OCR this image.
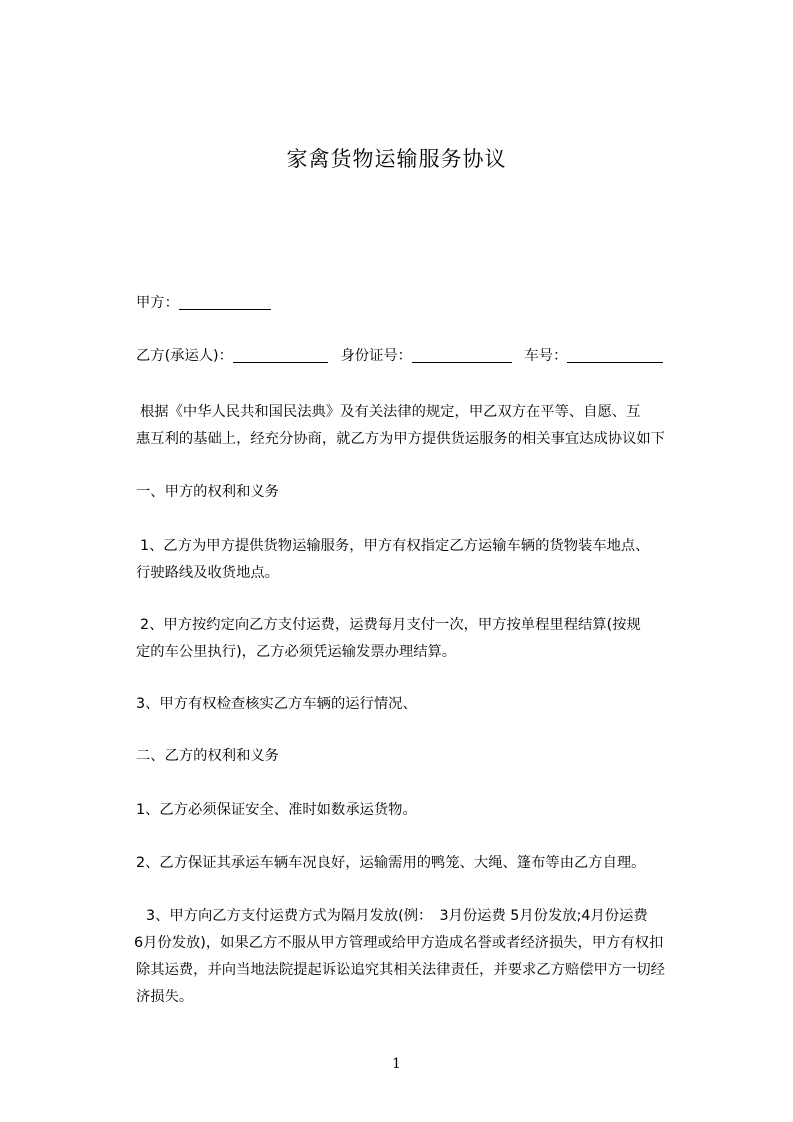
家禽货物运输服务协议
甲方：
乙方(承运人)：	身份证号：	车号：
根据《中华人民共和国民法典》及有关法律的规定，甲乙双方在平等、自愿、互
惠互利的基础上，经充分协商，就乙方为甲方提供货运服务的相关事宜达成协议如下
一、甲方的权利和义务
1、乙方为甲方提供货物运输服务，甲方有权指定乙方运输车辆的货物装车地点、
行驶路线及收货地点。
2、甲方按约定向乙方支付运费，运费每月支付一次，甲方按单程里程结算(按规
定的车公里执行)，乙方必须凭运输发票办理结算。
3、甲方有权检查核实乙方车辆的运行情况、
二、乙方的权利和义务
1、乙方必须保证安全、准时如数承运货物。
2、乙方保证其承运车辆车况良好，运输需用的鸭笼、大绳、篷布等由乙方自理。
3、甲方向乙方支付运费方式为隔月发放(例：　3月份运费 5月份发放;4月份运费
6月份发放)，如果乙方不服从甲方管理或给甲方造成名誉或者经济损失，甲方有权扣
除其运费，并向当地法院提起诉讼追究其相关法律责任，并要求乙方赔偿甲方一切经
济损失。
1
